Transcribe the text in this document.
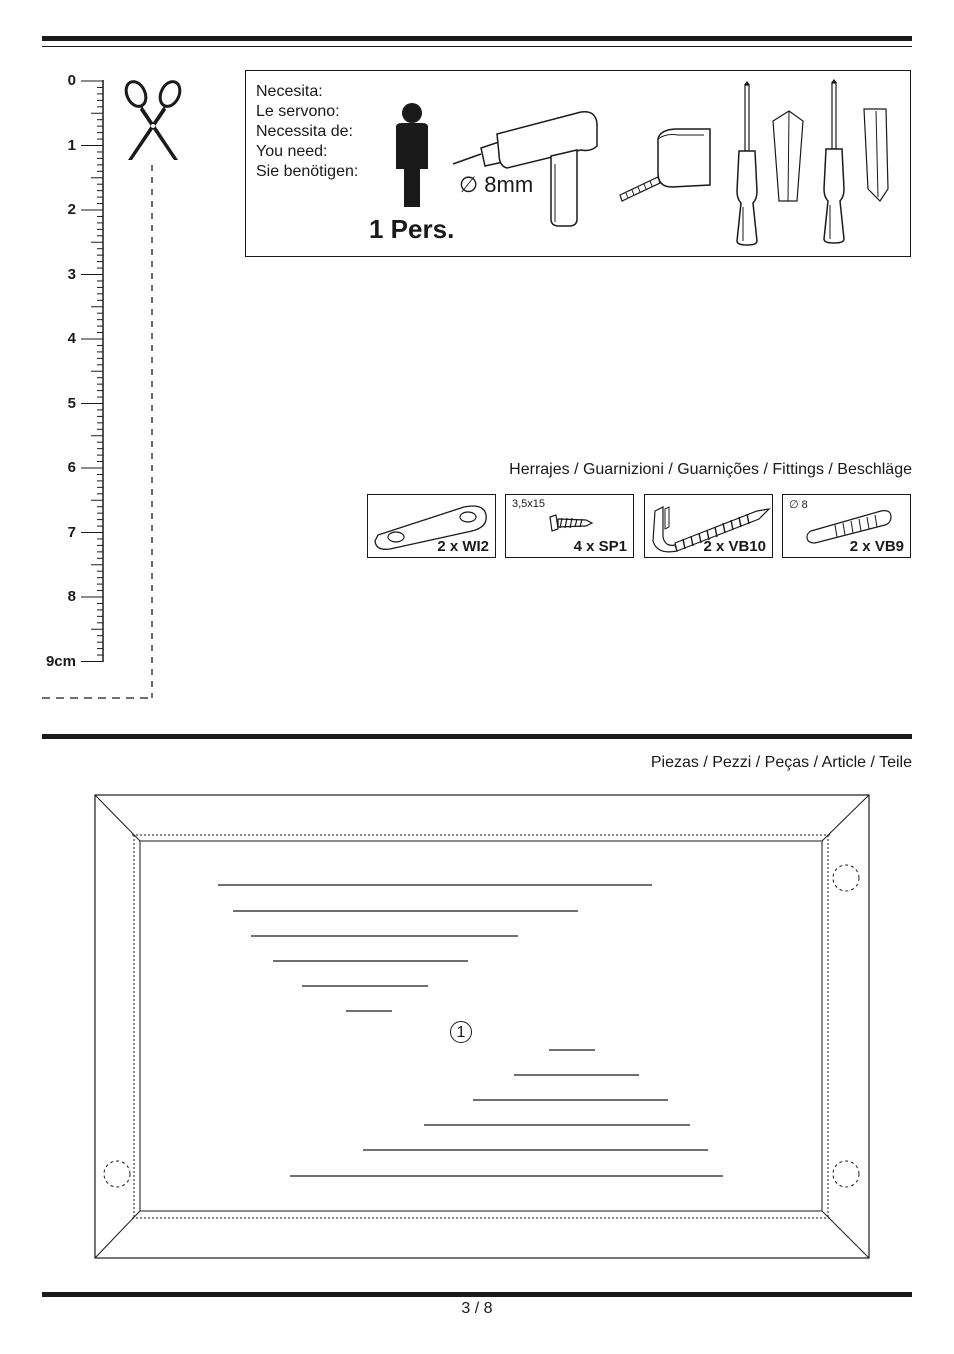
0
1
2
3
4
5
6
7
8
9cm
Necesita:
Le servono:
Necessita de:
You need:
Sie benötigen:
1 Pers.
∅ 8mm
Herrajes / Guarnizioni / Guarnições / Fittings / Beschläge
2 x WI2
3,5x15
4 x SP1	2 x VB10
∅ 8
2 x VB9
Piezas / Pezzi / Peças / Article / Teile
1
3 / 8
